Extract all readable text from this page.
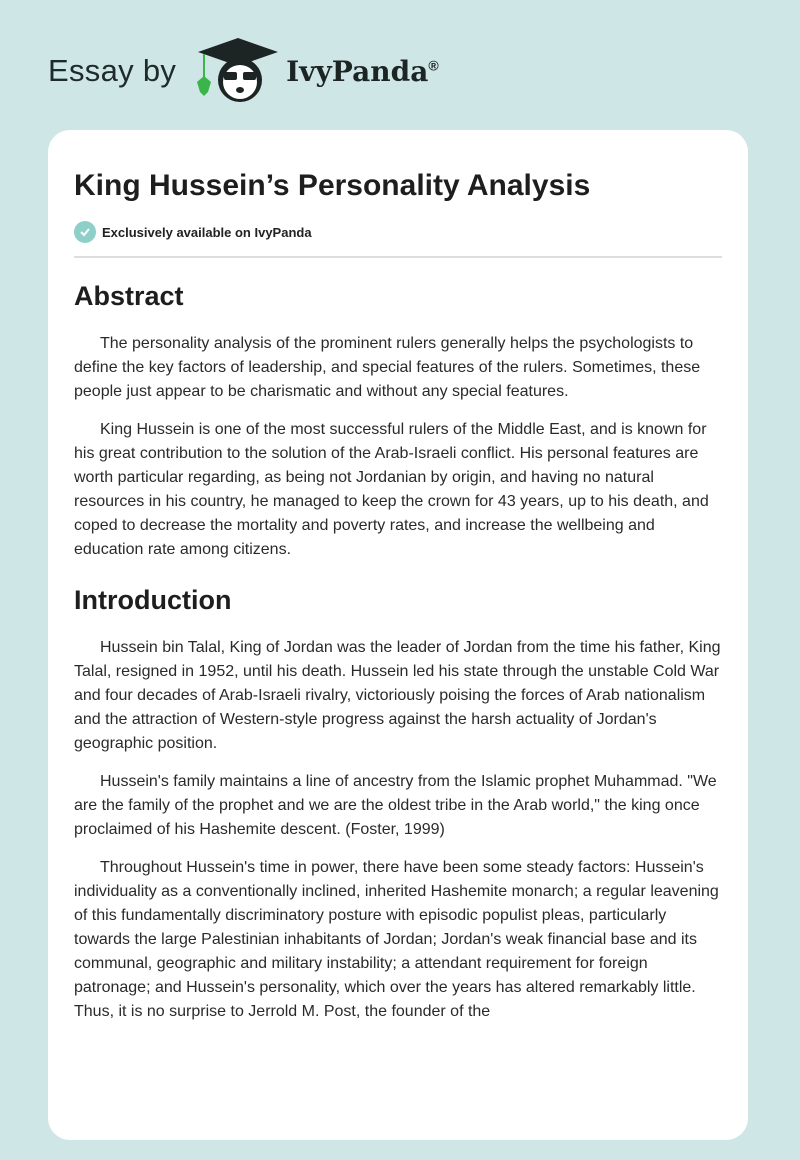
Essay by	IvyPanda®
King Hussein’s Personality Analysis
Exclusively available on IvyPanda
Abstract

The personality analysis of the prominent rulers generally helps the psychologists to define the key factors of leadership, and special features of the rulers. Sometimes, these people just appear to be charismatic and without any special features.

King Hussein is one of the most successful rulers of the Middle East, and is known for his great contribution to the solution of the Arab-Israeli conflict. His personal features are worth particular regarding, as being not Jordanian by origin, and having no natural resources in his country, he managed to keep the crown for 43 years, up to his death, and coped to decrease the mortality and poverty rates, and increase the wellbeing and education rate among citizens.

Introduction

Hussein bin Talal, King of Jordan was the leader of Jordan from the time his father, King Talal, resigned in 1952, until his death. Hussein led his state through the unstable Cold War and four decades of Arab-Israeli rivalry, victoriously poising the forces of Arab nationalism and the attraction of Western-style progress against the harsh actuality of Jordan's geographic position.

Hussein's family maintains a line of ancestry from the Islamic prophet Muhammad. "We are the family of the prophet and we are the oldest tribe in the Arab world," the king once proclaimed of his Hashemite descent. (Foster, 1999)

Throughout Hussein's time in power, there have been some steady factors: Hussein's individuality as a conventionally inclined, inherited Hashemite monarch; a regular leavening of this fundamentally discriminatory posture with episodic populist pleas, particularly towards the large Palestinian inhabitants of Jordan; Jordan's weak financial base and its communal, geographic and military instability; a attendant requirement for foreign patronage; and Hussein's personality, which over the years has altered remarkably little. Thus, it is no surprise to Jerrold M. Post, the founder of the
